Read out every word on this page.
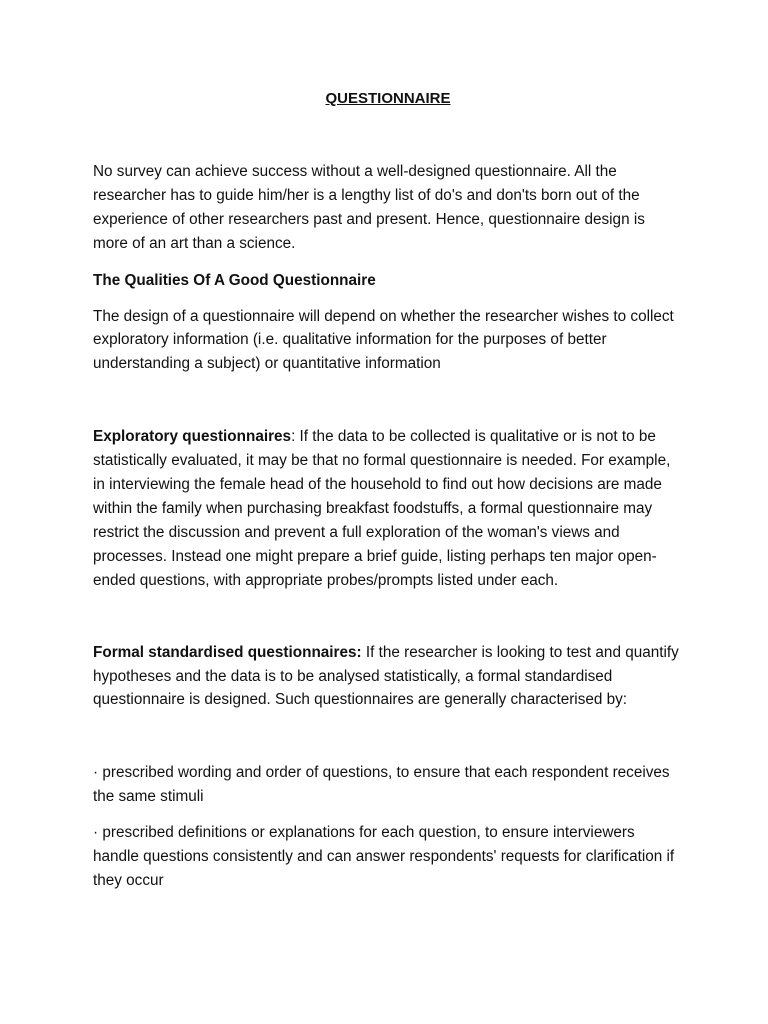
QUESTIONNAIRE

No survey can achieve success without a well-designed questionnaire. All the researcher has to guide him/her is a lengthy list of do's and don'ts born out of the experience of other researchers past and present. Hence, questionnaire design is more of an art than a science.

The Qualities Of A Good Questionnaire

The design of a questionnaire will depend on whether the researcher wishes to collect exploratory information (i.e. qualitative information for the purposes of better understanding a subject) or quantitative information

Exploratory questionnaires: If the data to be collected is qualitative or is not to be statistically evaluated, it may be that no formal questionnaire is needed. For example, in interviewing the female head of the household to find out how decisions are made within the family when purchasing breakfast foodstuffs, a formal questionnaire may restrict the discussion and prevent a full exploration of the woman's views and processes. Instead one might prepare a brief guide, listing perhaps ten major open-ended questions, with appropriate probes/prompts listed under each.

Formal standardised questionnaires: If the researcher is looking to test and quantify hypotheses and the data is to be analysed statistically, a formal standardised questionnaire is designed. Such questionnaires are generally characterised by:

· prescribed wording and order of questions, to ensure that each respondent receives the same stimuli

· prescribed definitions or explanations for each question, to ensure interviewers handle questions consistently and can answer respondents' requests for clarification if they occur
